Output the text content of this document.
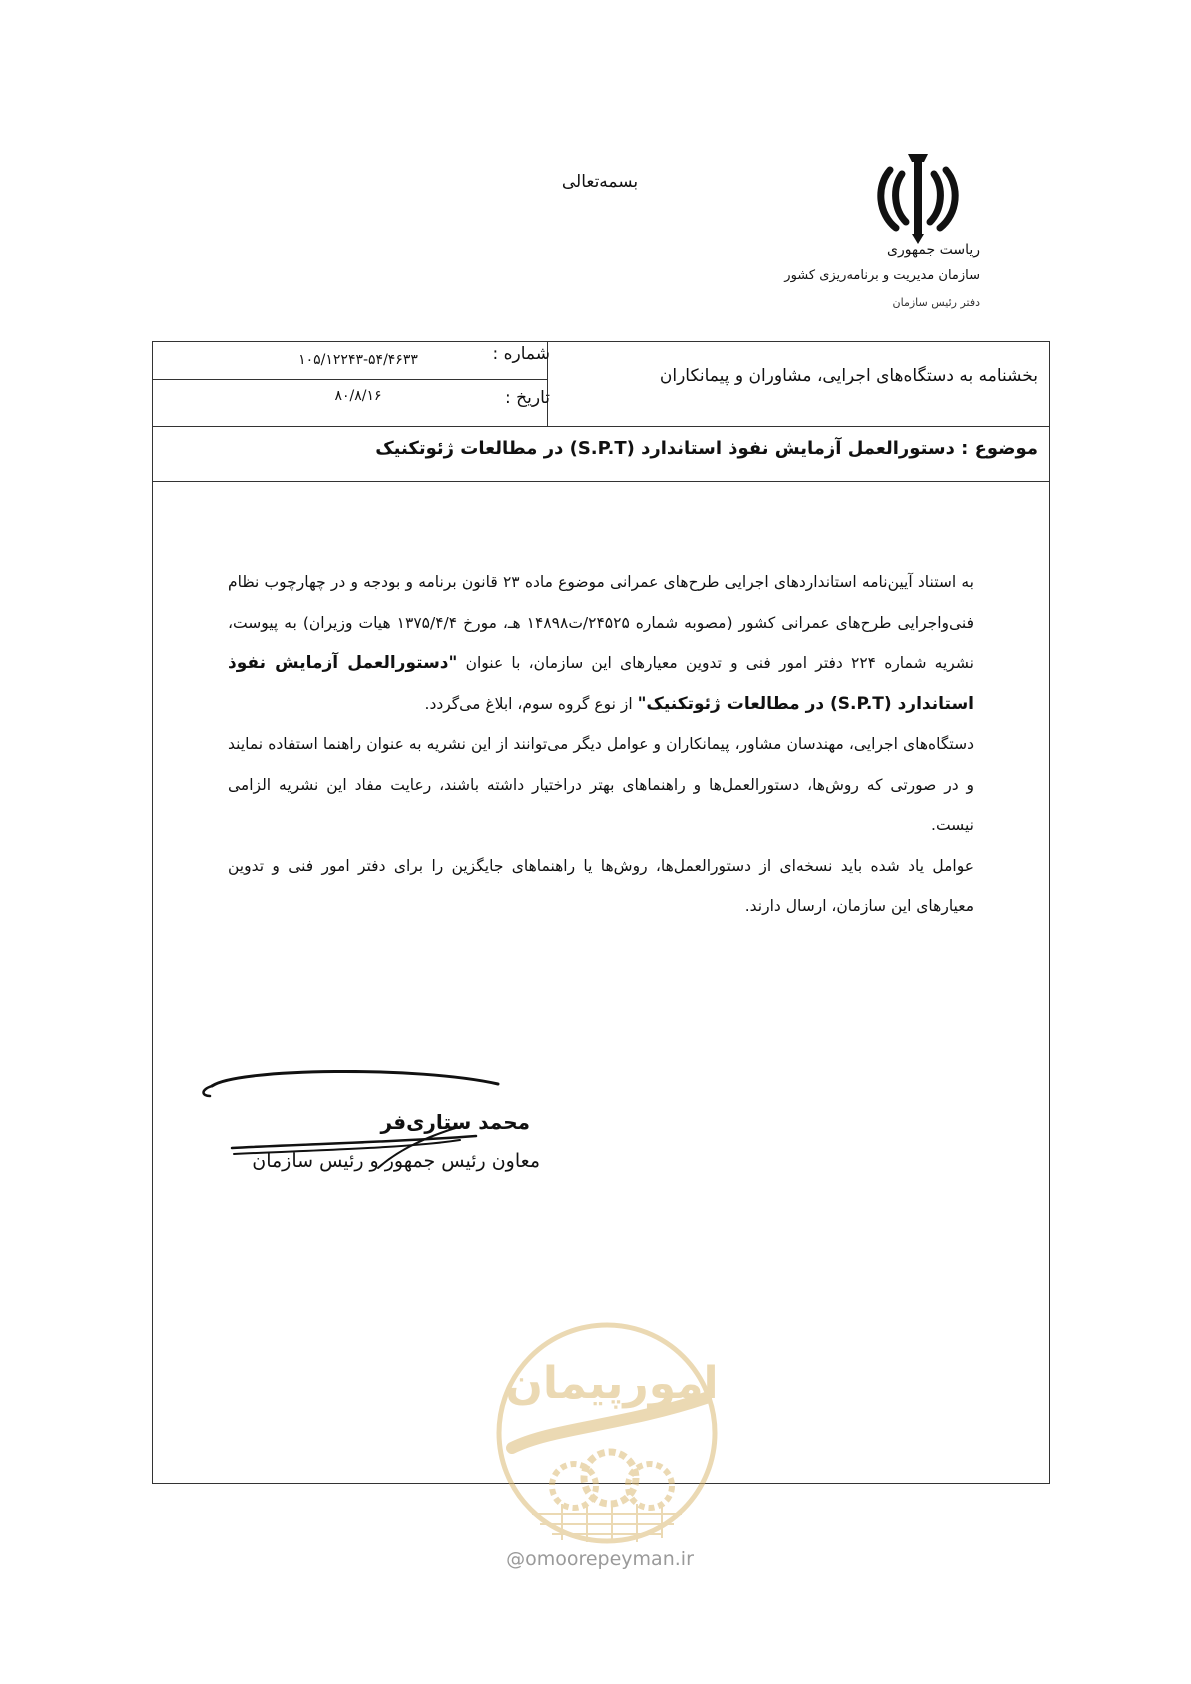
بسمه‌تعالی
ریاست جمهوری
سازمان مدیریت و برنامه‌ریزی کشور
دفتر رئیس سازمان
شماره :
۱۰۵/۱۲۲۴۳-۵۴/۴۶۳۳
تاریخ :
۸۰/۸/۱۶
بخشنامه به دستگاه‌های اجرایی، مشاوران و پیمانکاران
موضوع : دستورالعمل آزمایش نفوذ استاندارد (S.P.T) در مطالعات ژئوتکنیک

به استناد آیین‌نامه استانداردهای اجرایی طرح‌های عمرانی موضوع ماده ۲۳ قانون برنامه و بودجه و در چهارچوب نظام فنی‌واجرایی طرح‌های عمرانی کشور (مصوبه شماره ۲۴۵۲۵/ت۱۴۸۹۸ هـ، مورخ ۱۳۷۵/۴/۴ هیات وزیران) به پیوست، نشریه شماره ۲۲۴ دفتر امور فنی و تدوین معیارهای این سازمان، با عنوان "دستورالعمل آزمایش نفوذ استاندارد (S.P.T) در مطالعات ژئوتکنیک" از نوع گروه سوم، ابلاغ می‌گردد.

دستگاه‌های اجرایی، مهندسان مشاور، پیمانکاران و عوامل دیگر می‌توانند از این نشریه به عنوان راهنما استفاده نمایند و در صورتی که روش‌ها، دستورالعمل‌ها و راهنماهای بهتر دراختیار داشته باشند، رعایت مفاد این نشریه الزامی نیست.

عوامل یاد شده باید نسخه‌ای از دستورالعمل‌ها، روش‌ها یا راهنماهای جایگزین را برای دفتر امور فنی و تدوین معیارهای این سازمان، ارسال دارند.

محمد ستاری‌فر
معاون رئیس جمهور و رئیس سازمان
امورپیمان
@omoorepeyman.ir
